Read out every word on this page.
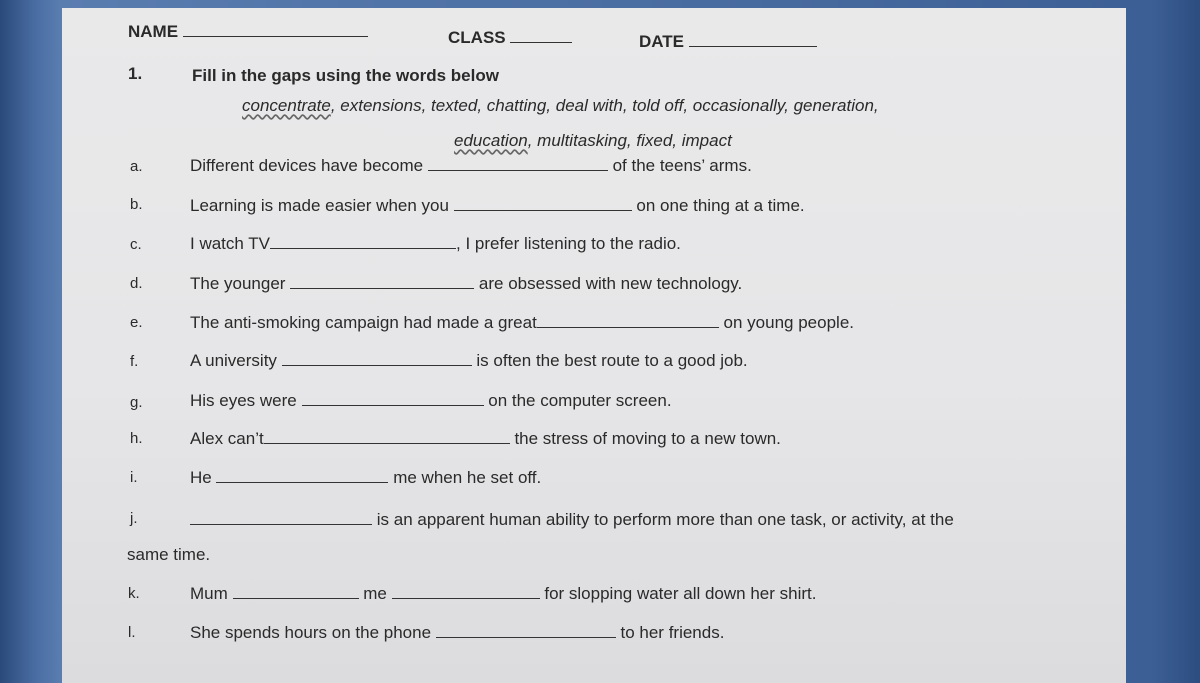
NAME	CLASS	DATE
1.	Fill in the gaps using the words below
concentrate, extensions, texted, chatting, deal with, told off, occasionally, generation,
education, multitasking, fixed, impact
a.	Different devices have become	of the teens’ arms.
b.	Learning is made easier when you	on one thing at a time.
c.	I watch TV	, I prefer listening to the radio.
d.	The younger	are obsessed with new technology.
e.	The anti-smoking campaign had made a great	on young people.
f.	A university	is often the best route to a good job.
g.	His eyes were	on the computer screen.
h.	Alex can’t	the stress of moving to a new town.
i.	He	me when he set off.
j.	is an apparent human ability to perform more than one task, or activity, at the
same time.
k.	Mum	me	for slopping water all down her shirt.
l.	She spends hours on the phone	to her friends.
